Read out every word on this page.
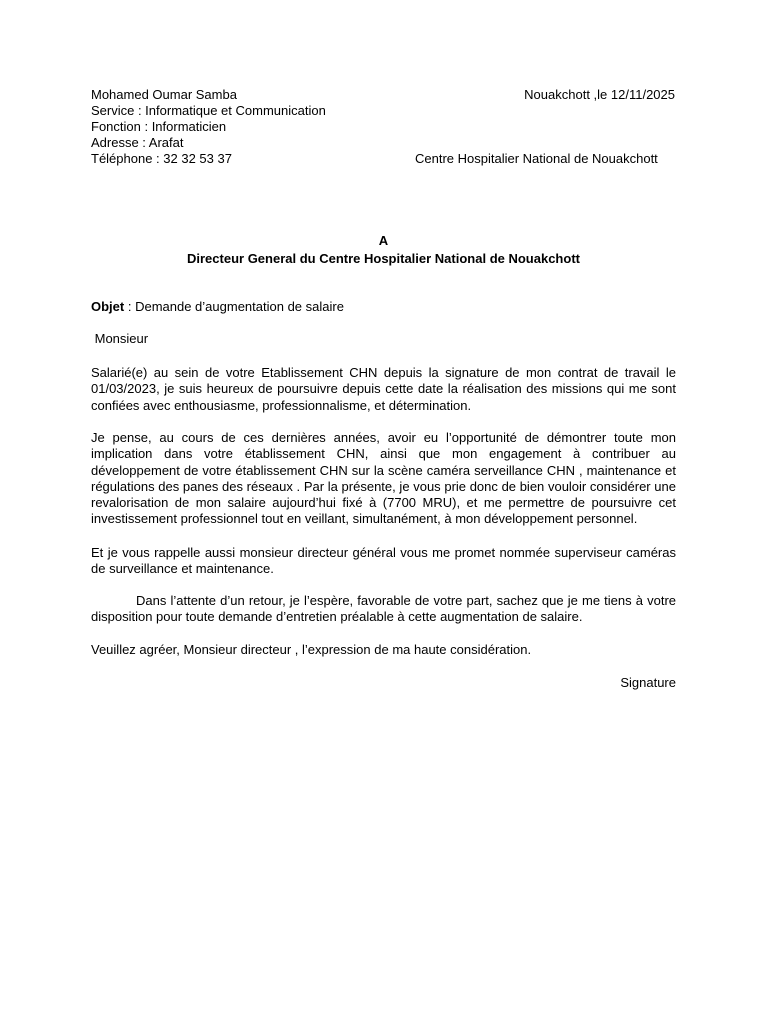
Mohamed Oumar Samba
Service : Informatique et Communication
Fonction : Informaticien
Adresse : Arafat
Téléphone : 32 32 53 37
Nouakchott ,le 12/11/2025
Centre Hospitalier National de Nouakchott
A
Directeur General du Centre Hospitalier National de Nouakchott
Objet : Demande d’augmentation de salaire
Monsieur
Salarié(e) au sein de votre Etablissement CHN depuis la signature de mon contrat de travail le 01/03/2023, je suis heureux de poursuivre depuis cette date la réalisation des missions qui me sont confiées avec enthousiasme, professionnalisme, et détermination.
Je pense, au cours de ces dernières années, avoir eu l’opportunité de démontrer toute mon implication dans votre établissement CHN, ainsi que mon engagement à contribuer au développement de votre établissement CHN sur la scène caméra serveillance CHN , maintenance et régulations des panes des réseaux . Par la présente, je vous prie donc de bien vouloir considérer une revalorisation de mon salaire aujourd’hui fixé à (7700 MRU), et me permettre de poursuivre cet investissement professionnel tout en veillant, simultanément, à mon développement personnel.
Et je vous rappelle aussi monsieur directeur général vous me promet nommée superviseur caméras de surveillance et maintenance.
Dans l’attente d’un retour, je l’espère, favorable de votre part, sachez que je me tiens à votre disposition pour toute demande d’entretien préalable à cette augmentation de salaire.
Veuillez agréer, Monsieur directeur , l’expression de ma haute considération.
Signature
